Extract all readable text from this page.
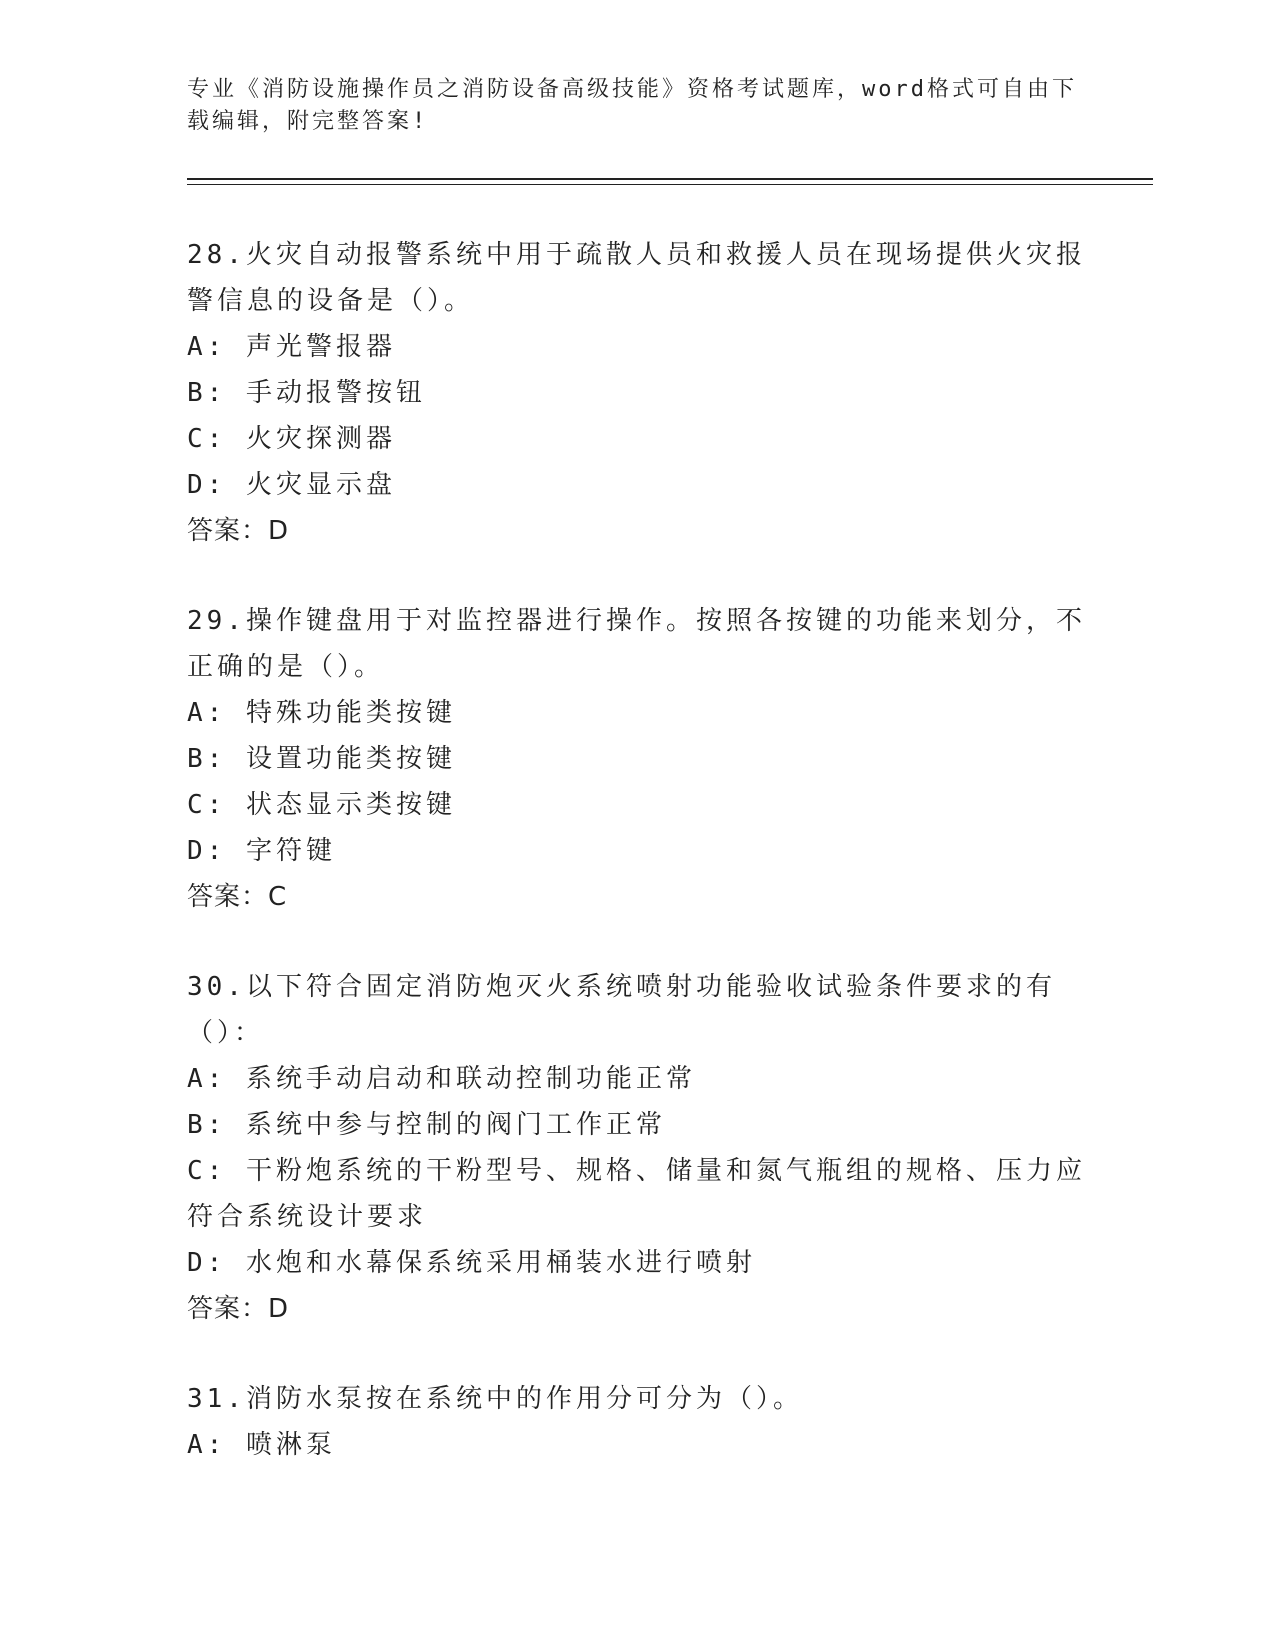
专业《消防设施操作员之消防设备高级技能》资格考试题库，word格式可自由下载编辑，附完整答案!
28.火灾自动报警系统中用于疏散人员和救援人员在现场提供火灾报警信息的设备是（）。
A: 声光警报器
B: 手动报警按钮
C: 火灾探测器
D: 火灾显示盘
答案：D
29.操作键盘用于对监控器进行操作。按照各按键的功能来划分，不正确的是（）。
A: 特殊功能类按键
B: 设置功能类按键
C: 状态显示类按键
D: 字符键
答案：C
30.以下符合固定消防炮灭火系统喷射功能验收试验条件要求的有（）：
A: 系统手动启动和联动控制功能正常
B: 系统中参与控制的阀门工作正常
C: 干粉炮系统的干粉型号、规格、储量和氮气瓶组的规格、压力应符合系统设计要求
D: 水炮和水幕保系统采用桶装水进行喷射
答案：D
31.消防水泵按在系统中的作用分可分为（）。
A: 喷淋泵
